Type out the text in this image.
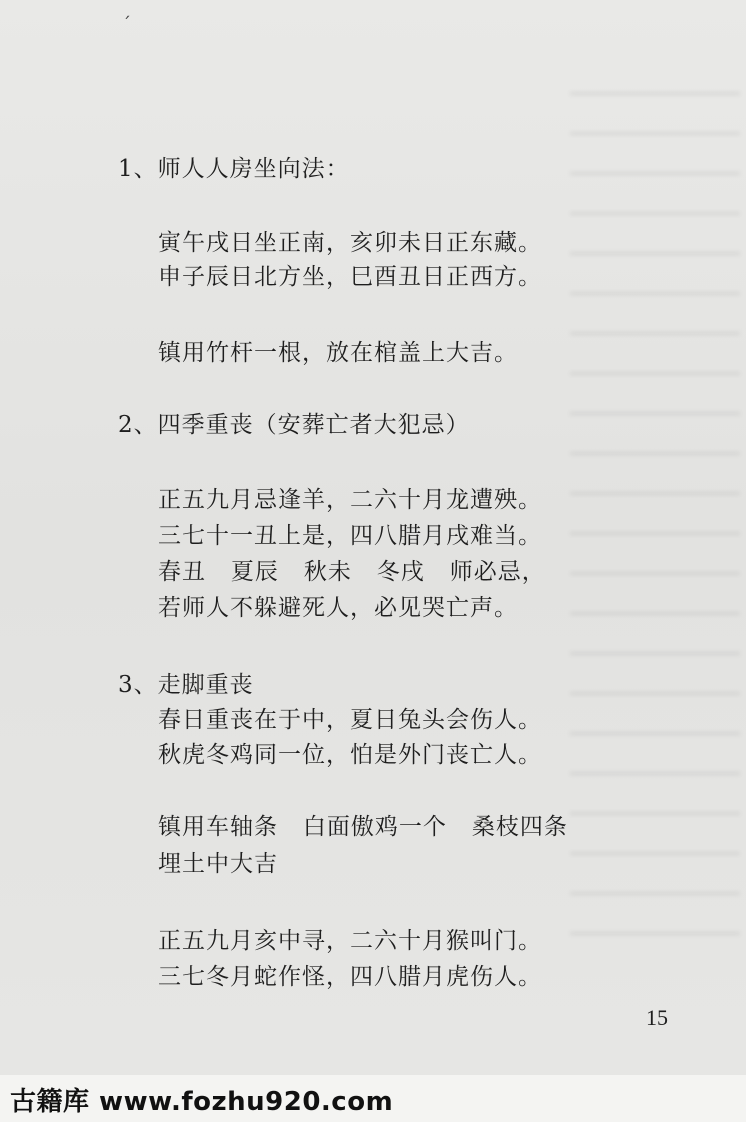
ˊ
1、师人人房坐向法：
寅午戌日坐正南，亥卯未日正东藏。
申子辰日北方坐，巳酉丑日正西方。
镇用竹杆一根，放在棺盖上大吉。
2、四季重丧（安葬亡者大犯忌）
正五九月忌逢羊，二六十月龙遭殃。
三七十一丑上是，四八腊月戌难当。
春丑   夏辰   秋未   冬戌   师必忌，
若师人不躲避死人，必见哭亡声。
3、走脚重丧
春日重丧在于中，夏日兔头会伤人。
秋虎冬鸡同一位，怕是外门丧亡人。
镇用车轴条   白面傲鸡一个   桑枝四条
埋土中大吉
正五九月亥中寻，二六十月猴叫门。
三七冬月蛇作怪，四八腊月虎伤人。
15
古籍库 www.fozhu920.com
